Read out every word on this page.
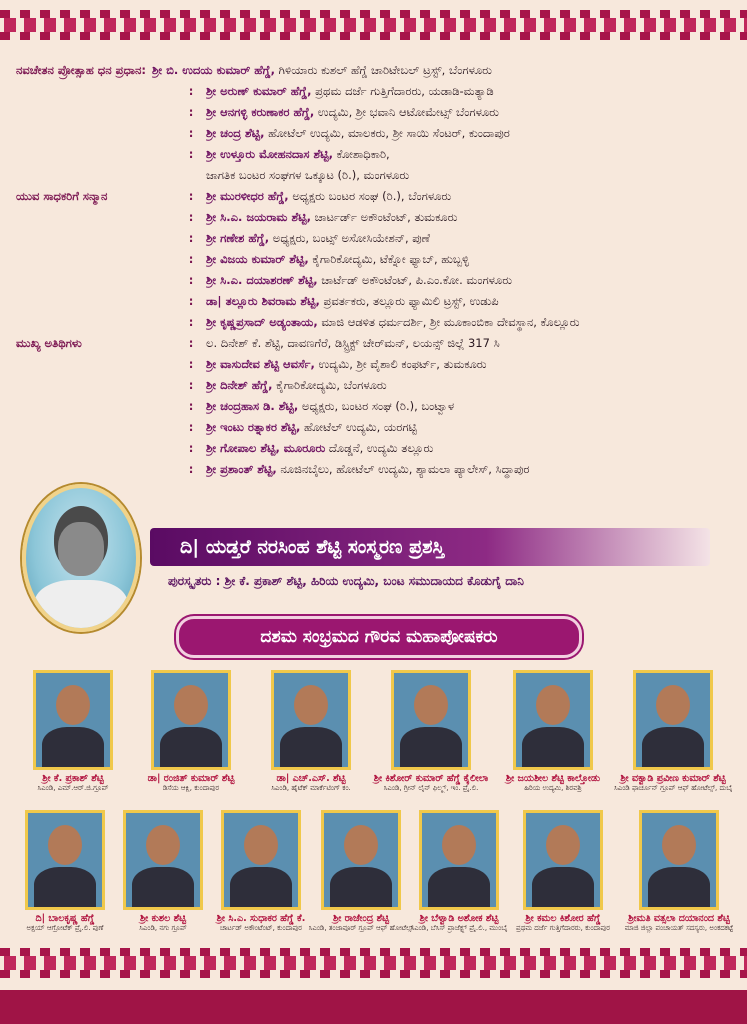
ನವಚೇತನ ಪ್ರೋತ್ಸಾಹ ಧನ ಪ್ರಧಾನ: ಶ್ರೀ ಬಿ. ಉದಯ ಕುಮಾರ್ ಹೆಗ್ಡೆ, ಗಿಳಿಯಾರು ಕುಶಲ್ ಹೆಗ್ಡೆ ಚಾರಿಟೇಬಲ್ ಟ್ರಸ್ಟ್, ಬೆಂಗಳೂರು
:	ಶ್ರೀ ಅರುಣ್ ಕುಮಾರ್ ಹೆಗ್ಡೆ, ಪ್ರಥಮ ದರ್ಜೆ ಗುತ್ತಿಗೆದಾರರು, ಯಡಾಡಿ-ಮತ್ಯಾಡಿ
:	ಶ್ರೀ ಆನಗಳ್ಳಿ ಕರುಣಾಕರ ಹೆಗ್ಡೆ, ಉದ್ಯಮಿ, ಶ್ರೀ ಭವಾನಿ ಆಟೋಮೇಟ್ಸ್ ಬೆಂಗಳೂರು
:	ಶ್ರೀ ಚಂದ್ರ ಶೆಟ್ಟಿ, ಹೋಟೆಲ್ ಉದ್ಯಮಿ, ಮಾಲಕರು, ಶ್ರೀ ಸಾಯಿ ಸೆಂಟರ್, ಕುಂದಾಪುರ
:	ಶ್ರೀ ಉಳ್ತೂರು ಮೋಹನದಾಸ ಶೆಟ್ಟಿ, ಕೋಶಾಧಿಕಾರಿ,
ಜಾಗತಿಕ ಬಂಟರ ಸಂಘಗಳ ಒಕ್ಕೂಟ (ರಿ.), ಮಂಗಳೂರು
ಯುವ ಸಾಧಕರಿಗೆ ಸನ್ಮಾನ	:	ಶ್ರೀ ಮುರಳೀಧರ ಹೆಗ್ಡೆ, ಅಧ್ಯಕ್ಷರು ಬಂಟರ ಸಂಘ (ರಿ.), ಬೆಂಗಳೂರು
:	ಶ್ರೀ ಸಿ.ಎ. ಜಯರಾಮ ಶೆಟ್ಟಿ, ಚಾರ್ಟರ್ಡ್ ಅಕೌಂಟೆಂಟ್, ತುಮಕೂರು
:	ಶ್ರೀ ಗಣೇಶ ಹೆಗ್ಡೆ, ಅಧ್ಯಕ್ಷರು, ಬಂಟ್ಸ್ ಅಸೋಸಿಯೇಶನ್, ಪುಣೆ
:	ಶ್ರೀ ವಿಜಯ ಕುಮಾರ್ ಶೆಟ್ಟಿ, ಕೈಗಾರಿಕೋದ್ಯಮಿ, ಟೆಕ್ನೋ ಫ್ಯಾಬ್, ಹುಬ್ಬಳ್ಳಿ
:	ಶ್ರೀ ಸಿ.ಎ. ದಯಾಶರಣ್ ಶೆಟ್ಟಿ, ಚಾರ್ಟೆಡ್ ಅಕೌಂಟೆಂಟ್, ಪಿ.ಎಂ.ಕೋ. ಮಂಗಳೂರು
:	ಡಾ| ತಲ್ಲೂರು ಶಿವರಾಮ ಶೆಟ್ಟಿ, ಪ್ರವರ್ತಕರು, ತಲ್ಲೂರು ಫ್ಯಾಮಿಲಿ ಟ್ರಸ್ಟ್, ಉಡುಪಿ
:	ಶ್ರೀ ಕೃಷ್ಣಪ್ರಸಾದ್ ಅಡ್ಯಂತಾಯ, ಮಾಜಿ ಆಡಳಿತ ಧರ್ಮದರ್ಶಿ, ಶ್ರೀ ಮೂಕಾಂಬಿಕಾ ದೇವಸ್ಥಾನ, ಕೊಲ್ಲೂರು
ಮುಖ್ಯ ಅತಿಥಿಗಳು	:	ಲ. ದಿನೇಶ್ ಕೆ. ಶೆಟ್ಟಿ, ದಾವಣಗೆರೆ, ಡಿಸ್ಟ್ರಿಕ್ಟ್ ಚೇರ್‌ಮನ್, ಲಯನ್ಸ್ ಜಿಲ್ಲೆ 317 ಸಿ
:	ಶ್ರೀ ವಾಸುದೇವ ಶೆಟ್ಟಿ ಆವರ್ಸೆ, ಉದ್ಯಮಿ, ಶ್ರೀ ವೈಶಾಲಿ ಕಂಫರ್ಟ್, ತುಮಕೂರು
:	ಶ್ರೀ ದಿನೇಶ್ ಹೆಗ್ಡೆ, ಕೈಗಾರಿಕೋದ್ಯಮಿ, ಬೆಂಗಳೂರು
:	ಶ್ರೀ ಚಂದ್ರಹಾಸ ಡಿ. ಶೆಟ್ಟಿ, ಅಧ್ಯಕ್ಷರು, ಬಂಟರ ಸಂಘ (ರಿ.), ಬಂಟ್ವಾಳ
:	ಶ್ರೀ ಇಂಟು ರತ್ನಾಕರ ಶೆಟ್ಟಿ, ಹೋಟೆಲ್ ಉದ್ಯಮಿ, ಯರಗಟ್ಟಿ
:	ಶ್ರೀ ಗೋಪಾಲ ಶೆಟ್ಟಿ, ಮೂರೂರು ದೊಡ್ಡನೆ, ಉದ್ಯಮಿ ತಲ್ಲೂರು
:	ಶ್ರೀ ಪ್ರಶಾಂತ್ ಶೆಟ್ಟಿ, ನೂಜಿನಬೈಲು, ಹೋಟೆಲ್ ಉದ್ಯಮಿ, ಶ್ಯಾಮಲಾ ಪ್ಯಾಲೇಸ್, ಸಿದ್ಧಾಪುರ
ದಿ| ಯಡ್ತರೆ ನರಸಿಂಹ ಶೆಟ್ಟಿ ಸಂಸ್ಮರಣ ಪ್ರಶಸ್ತಿ
ಪುರಸ್ಕೃತರು : ಶ್ರೀ ಕೆ. ಪ್ರಕಾಶ್ ಶೆಟ್ಟಿ, ಹಿರಿಯ ಉದ್ಯಮಿ, ಬಂಟ ಸಮುದಾಯದ ಕೊಡುಗೈ ದಾನಿ
ದಶಮ ಸಂಭ್ರಮದ ಗೌರವ ಮಹಾಪೋಷಕರು
ಶ್ರೀ ಕೆ. ಪ್ರಕಾಶ್ ಶೆಟ್ಟಿ
ಸಿಎಂಡಿ, ಎಮ್.ಆರ್.ಜಿ.ಗ್ರೂಪ್
ಡಾ| ರಂಜಿತ್ ಕುಮಾರ್ ಶೆಟ್ಟಿ
ಡಿಸೆಯ ಆಕ್ಷಿ, ಕುಂದಾಪುರ
ಡಾ| ಎಚ್.ಎಸ್. ಶೆಟ್ಟಿ
ಸಿಎಂಡಿ, ಹೈಟೆಕ್ ಮಾರ್ಕೆಟಿಂಗ್ ಕಂ.
ಶ್ರೀ ಕಿಶೋರ್ ಕುಮಾರ್ ಹೆಗ್ಡೆ ಕೈಲೀಲಾ
ಸಿಎಂಡಿ, ಗ್ರೀನ್ ಲೈನ್ ಫಿಲ್ಮ್ಸ್, ಇಂ. ಪ್ರೈ.ಲಿ.
ಶ್ರೀ ಜಯಶೀಲ ಶೆಟ್ಟಿ ಕಾಲ್ತೋಡು
ಹಿರಿಯ ಉದ್ಯಮಿ, ಶಿರವಶ್ರಿ
ಶ್ರೀ ವಕ್ವಾಡಿ ಪ್ರವೀಣ ಕುಮಾರ್ ಶೆಟ್ಟಿ
ಸಿಎಂಡಿ ಫಾರ್ಚೂನ್ ಗ್ರೂಪ್ ಆಫ್ ಹೋಟೆಲ್ಸ್, ದುಬೈ
ದಿ| ಬಾಲಕೃಷ್ಣ ಹೆಗ್ಡೆ
ಅಕ್ಷಯ್ ಆಗ್ರೋಟೆಕ್ ಪ್ರೈ.ಲಿ. ಪುಣೆ
ಶ್ರೀ ಕುಶಲ ಶೆಟ್ಟಿ
ಸಿಎಂಡಿ, ನಗು ಗ್ರೂಪ್
ಶ್ರೀ ಸಿ.ಎ. ಸುಧಾಕರ ಹೆಗ್ಡೆ ಕೆ.
ಚಾರ್ಟಡ್ ಅಕೌಂಟೆಂಟ್, ಕುಂದಾಪುರ
ಶ್ರೀ ರಾಜೇಂದ್ರ ಶೆಟ್ಟಿ
ಸಿಎಂಡಿ, ತಂಜಾವೂರ್ ಗ್ರೂಪ್ ಆಫ್ ಹೋಟೆಲ್ಸ್
ಶ್ರೀ ಬೆಳ್ವಾಡಿ ಅಶೋಕ ಶೆಟ್ಟಿ
ಸಿಎಂಡಿ, ಬೆಸಿಸ್ ಪ್ರಾಜೆಕ್ಟ್ಸ್ ಪ್ರೈ.ಲಿ., ಮುಂಬೈ
ಶ್ರೀ ಕಮಲ ಕಿಶೋರ ಹೆಗ್ಡೆ
ಪ್ರಥಮ ದರ್ಜೆ ಗುತ್ತಿಗೆದಾರರು, ಕುಂದಾಪುರ
ಶ್ರೀಮತಿ ವತ್ಸಲಾ ದಯಾನಂದ ಶೆಟ್ಟಿ
ಮಾಜಿ ಜಿಲ್ಲಾ ಪಂಚಾಯತ್ ಸದಸ್ಯರು, ಅಂಕದಕಟ್ಟೆ
